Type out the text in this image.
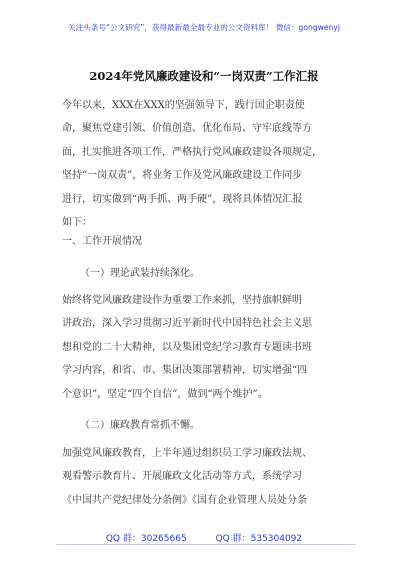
关注头条号“公文研究”，获得最新最全最专业的公文资料库！ 微信：gongwenyj
2024年党风廉政建设和“一岗双责”工作汇报
今年以来，XXX在XXX的坚强领导下，践行国企职责使
命，聚焦党建引领、价值创造、优化布局、守牢底线等方
面，扎实推进各项工作，严格执行党风廉政建设各项规定，
坚持“一岗双责”，将业务工作及党风廉政建设工作同步
进行，切实做到“两手抓、两手硬”，现将具体情况汇报
如下：
一、工作开展情况
（一）理论武装持续深化。
始终将党风廉政建设作为重要工作来抓，坚持旗帜鲜明
讲政治，深入学习贯彻习近平新时代中国特色社会主义思
想和党的二十大精神，以及集团党纪学习教育专题读书班
学习内容，和省、市、集团决策部署精神，切实增强“四
个意识”，坚定“四个自信”，做到“两个维护”。
（二）廉政教育常抓不懈。
加强党风廉政教育，上半年通过组织员工学习廉政法规、
观看警示教育片、开展廉政文化活动等方式，系统学习
《中国共产党纪律处分条例》《国有企业管理人员处分条
QQ 群：30265665	QQ 群：535304092
